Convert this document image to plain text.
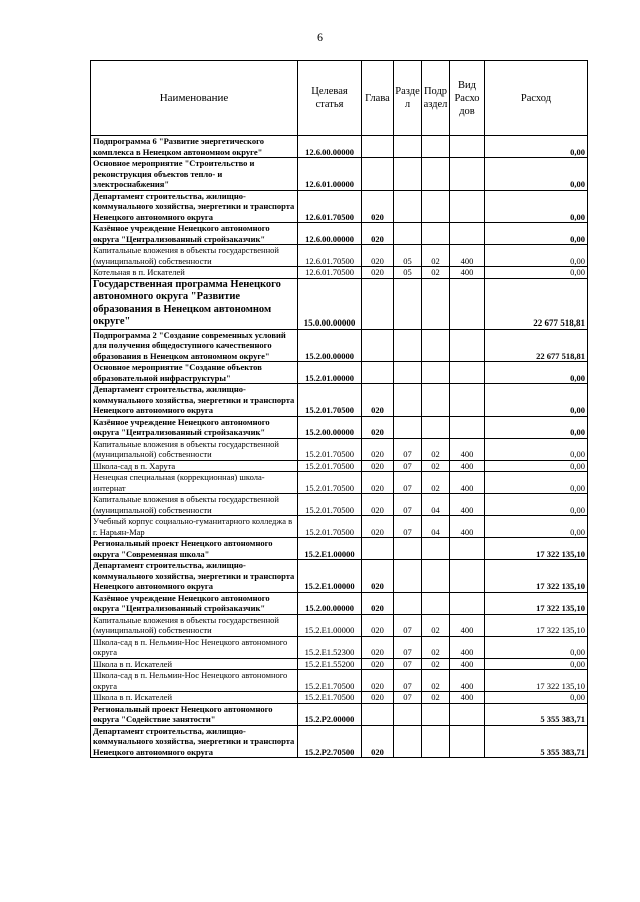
6
Наименование	Целевая статья	Глава	Разде л	Подр аздел	Вид Расхо дов	Расход
Подпрограмма 6 "Развитие энергетического комплекса в Ненецком автономном округе"	12.6.00.00000					0,00
Основное мероприятие "Строительство и реконструкция объектов тепло- и электроснабжения"	12.6.01.00000					0,00
Департамент строительства, жилищно-коммунального хозяйства, энергетики и транспорта Ненецкого автономного округа	12.6.01.70500	020				0,00
Казённое учреждение Ненецкого автономного округа "Централизованный стройзаказчик"	12.6.00.00000	020				0,00
Капитальные вложения в объекты государственной (муниципальной) собственности	12.6.01.70500	020	05	02	400	0,00
Котельная в п. Искателей	12.6.01.70500	020	05	02	400	0,00
Государственная программа Ненецкого автономного округа "Развитие образования в Ненецком автономном округе"	15.0.00.00000					22 677 518,81
Подпрограмма 2 "Создание современных условий для получения общедоступного качественного образования в Ненецком автономном округе"	15.2.00.00000					22 677 518,81
Основное мероприятие "Создание объектов образовательной инфраструктуры"	15.2.01.00000					0,00
Департамент строительства, жилищно-коммунального хозяйства, энергетики и транспорта Ненецкого автономного округа	15.2.01.70500	020				0,00
Казённое учреждение Ненецкого автономного округа "Централизованный стройзаказчик"	15.2.00.00000	020				0,00
Капитальные вложения в объекты государственной (муниципальной) собственности	15.2.01.70500	020	07	02	400	0,00
Школа-сад в п. Харута	15.2.01.70500	020	07	02	400	0,00
Ненецкая специальная (коррекционная) школа-интернат	15.2.01.70500	020	07	02	400	0,00
Капитальные вложения в объекты государственной (муниципальной) собственности	15.2.01.70500	020	07	04	400	0,00
Учебный корпус социально-гуманитарного колледжа в г. Нарьян-Мар	15.2.01.70500	020	07	04	400	0,00
Региональный проект Ненецкого автономного округа "Современная школа"	15.2.E1.00000					17 322 135,10
Департамент строительства, жилищно-коммунального хозяйства, энергетики и транспорта Ненецкого автономного округа	15.2.E1.00000	020				17 322 135,10
Казённое учреждение Ненецкого автономного округа "Централизованный стройзаказчик"	15.2.00.00000	020				17 322 135,10
Капитальные вложения в объекты государственной (муниципальной) собственности	15.2.E1.00000	020	07	02	400	17 322 135,10
Школа-сад в п. Нельмин-Нос Ненецкого автономного округа	15.2.E1.52300	020	07	02	400	0,00
Школа в п. Искателей	15.2.E1.55200	020	07	02	400	0,00
Школа-сад в п. Нельмин-Нос Ненецкого автономного округа	15.2.E1.70500	020	07	02	400	17 322 135,10
Школа в п. Искателей	15.2.E1.70500	020	07	02	400	0,00
Региональный проект Ненецкого автономного округа "Содействие занятости"	15.2.P2.00000					5 355 383,71
Департамент строительства, жилищно-коммунального хозяйства, энергетики и транспорта Ненецкого автономного округа	15.2.P2.70500	020				5 355 383,71
